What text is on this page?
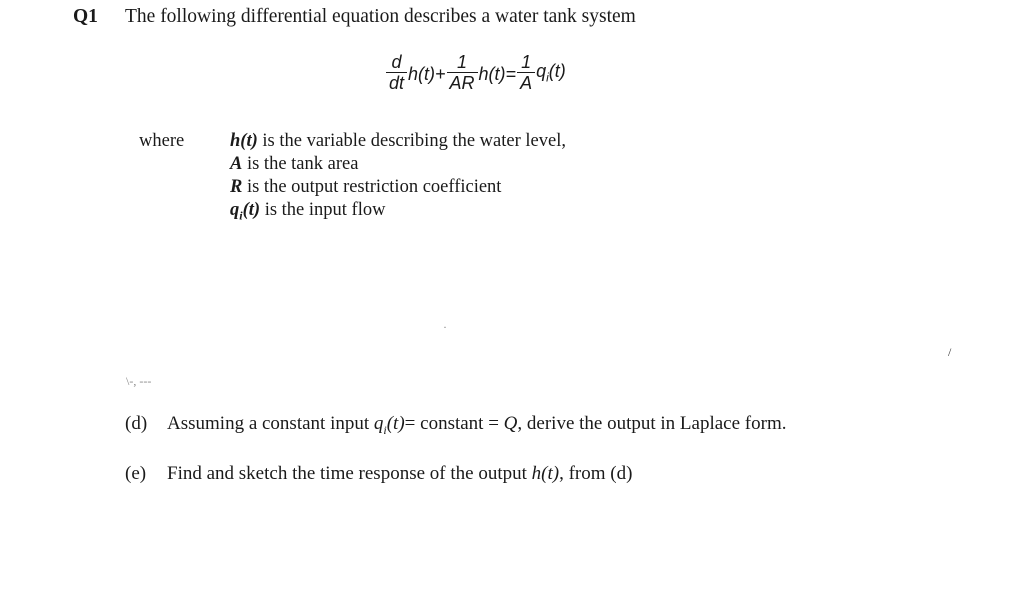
Q1 The following differential equation describes a water tank system
$\frac{d}{dt} h(t)+ \frac{1}{AR} h(t)= \frac{1}{A} q_i(t)$
where h(t) is the variable describing the water level,
A is the tank area
R is the output restriction coefficient
$q_i(t)$ is the input flow
\-, ---
·
/
(d) Assuming a constant input $q_i(t)=$ constant = Q, derive the output in Laplace form.
(e) Find and sketch the time response of the output h(t), from (d)
